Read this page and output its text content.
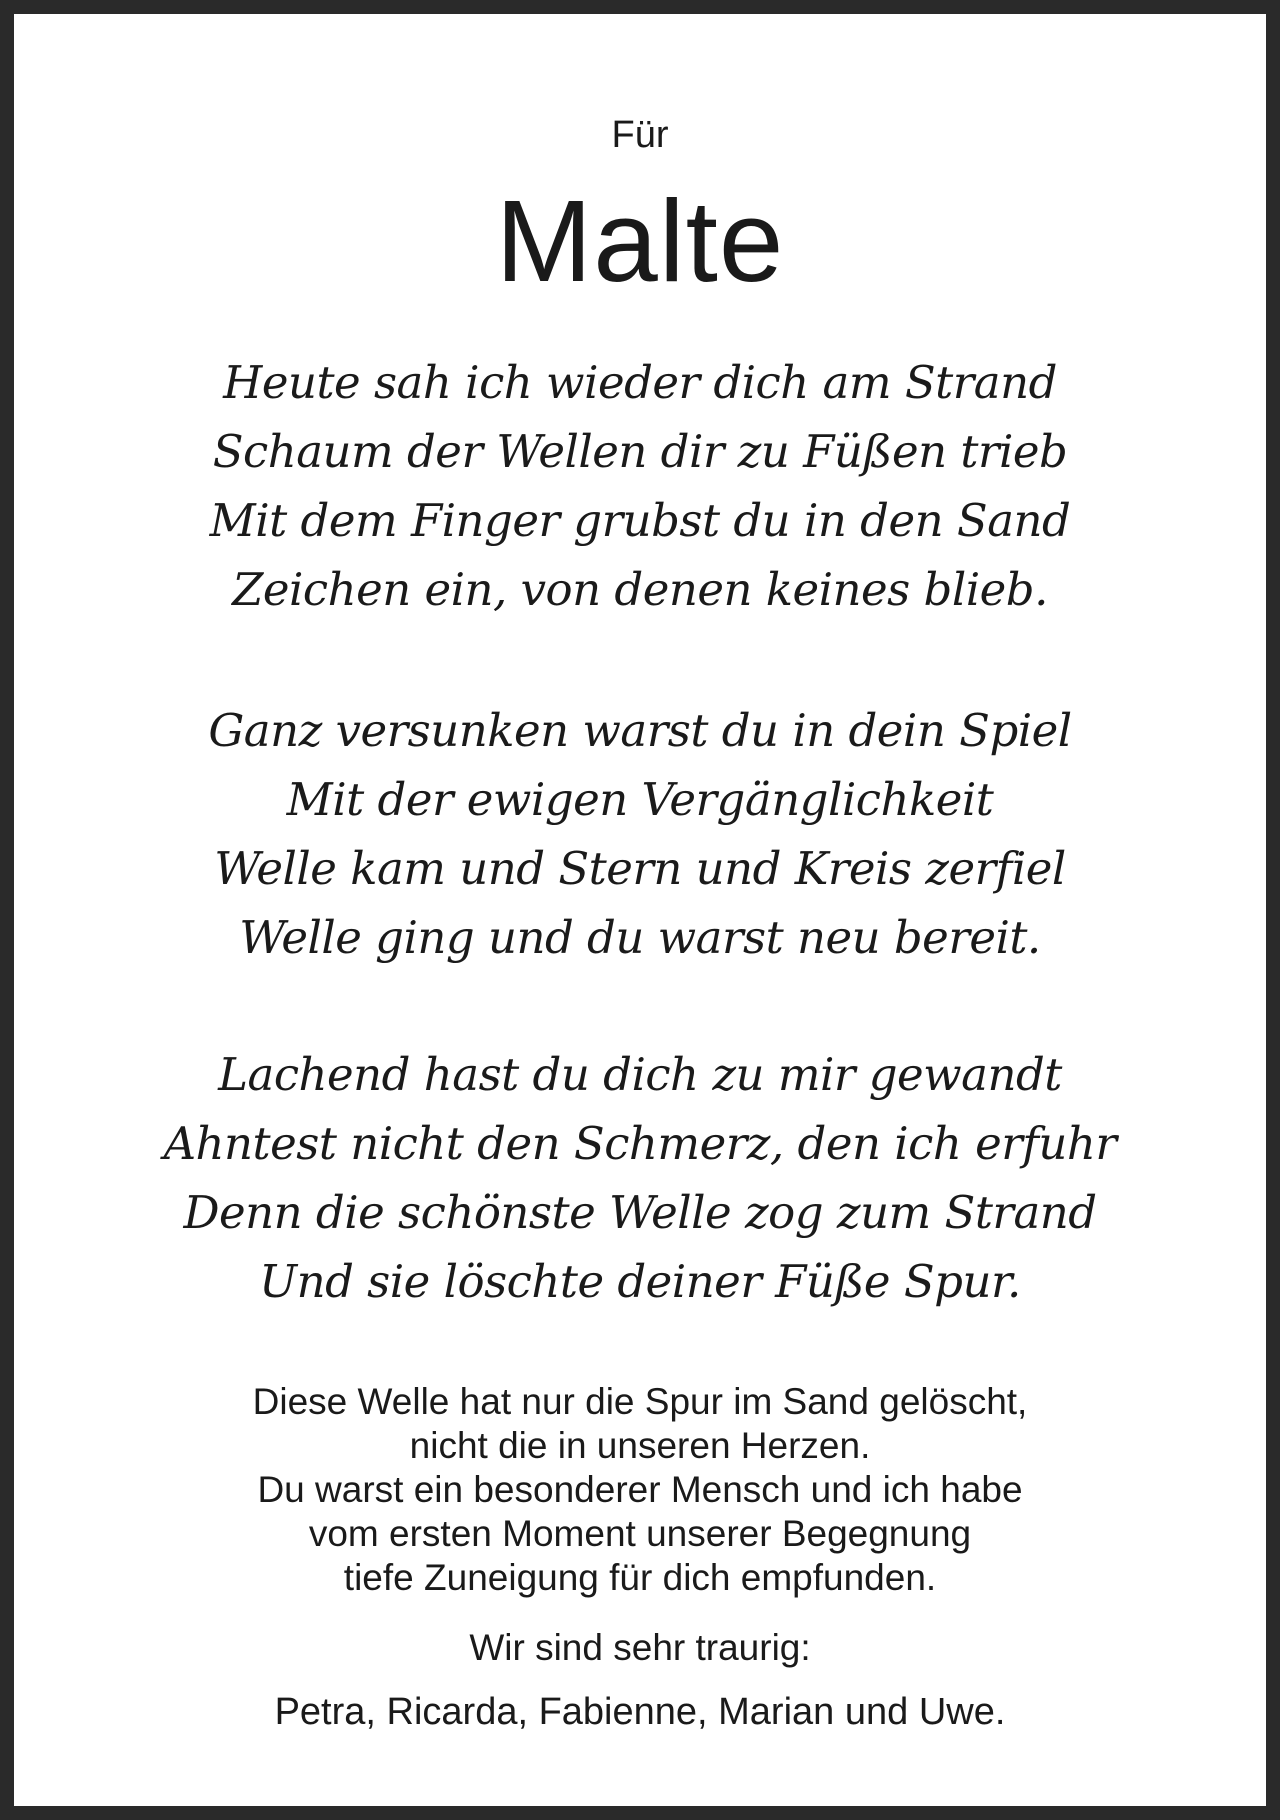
Für
Malte
Heute sah ich wieder dich am Strand
Schaum der Wellen dir zu Füßen trieb
Mit dem Finger grubst du in den Sand
Zeichen ein, von denen keines blieb.
Ganz versunken warst du in dein Spiel
Mit der ewigen Vergänglichkeit
Welle kam und Stern und Kreis zerfiel
Welle ging und du warst neu bereit.
Lachend hast du dich zu mir gewandt
Ahntest nicht den Schmerz, den ich erfuhr
Denn die schönste Welle zog zum Strand
Und sie löschte deiner Füße Spur.
Diese Welle hat nur die Spur im Sand gelöscht,
nicht die in unseren Herzen.
Du warst ein besonderer Mensch und ich habe
vom ersten Moment unserer Begegnung
tiefe Zuneigung für dich empfunden.
Wir sind sehr traurig:
Petra, Ricarda, Fabienne, Marian und Uwe.
